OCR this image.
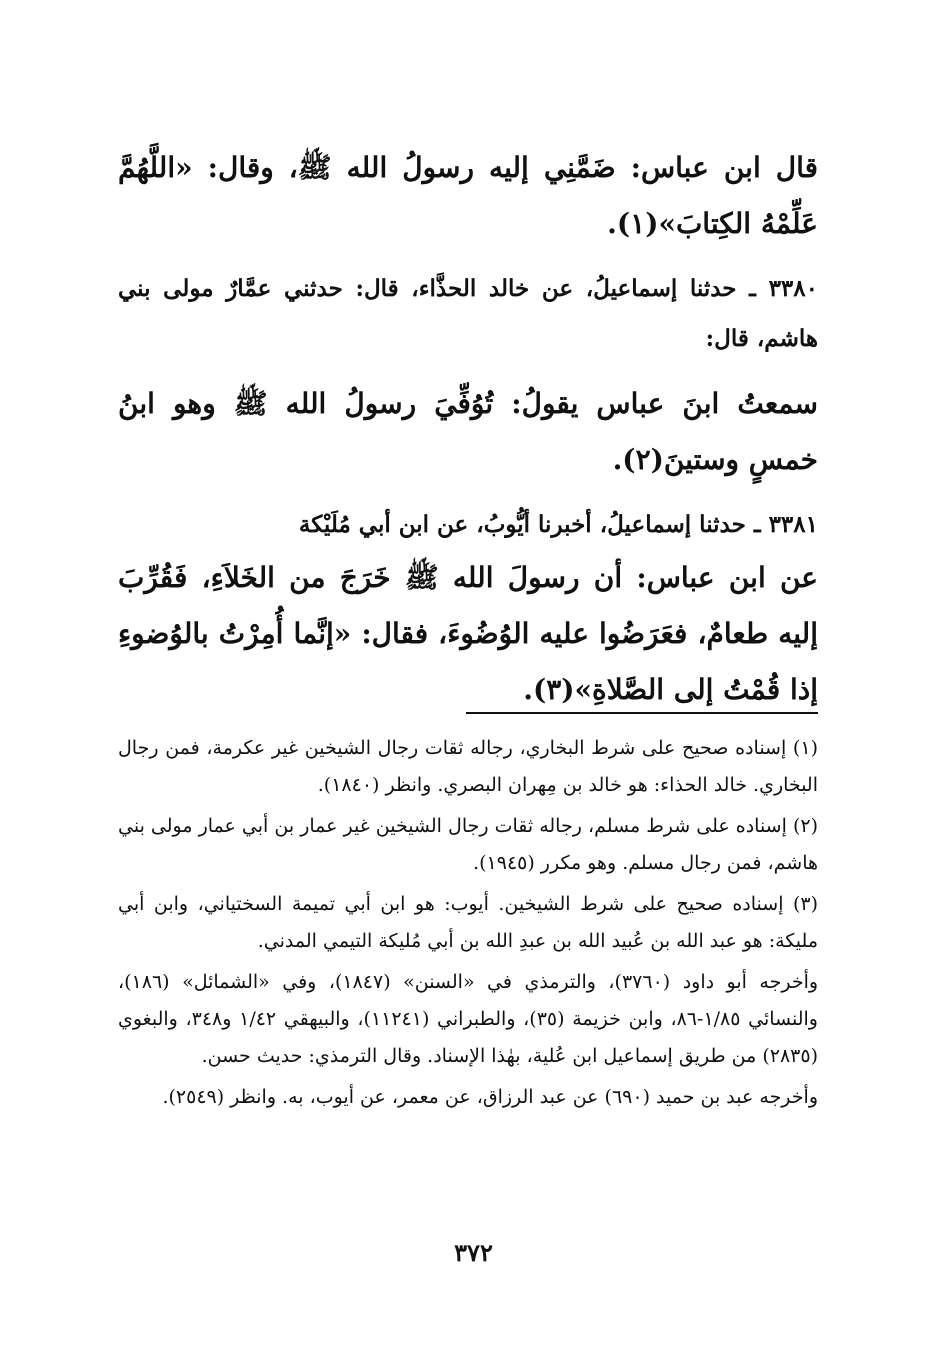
قال ابن عباس: ضَمَّنِي إليه رسولُ الله ﷺ، وقال: «اللَّهُمَّ عَلِّمْهُ الكِتابَ»(١).

٣٣٨٠ ـ حدثنا إسماعيلُ، عن خالد الحذَّاء، قال: حدثني عمَّارٌ مولى بني هاشم، قال:

سمعتُ ابنَ عباس يقولُ: تُوُفِّيَ رسولُ الله ﷺ وهو ابنُ خمسٍ وستينَ(٢).

٣٣٨١ ـ حدثنا إسماعيلُ، أخبرنا أيُّوبُ، عن ابن أبي مُلَيْكة

عن ابن عباس: أن رسولَ الله ﷺ خَرَجَ من الخَلاَءِ، فَقُرِّبَ إليه طعامٌ، فعَرَضُوا عليه الوُضُوءَ، فقال: «إنَّما أُمِرْتُ بالوُضوءِ إذا قُمْتُ إلى الصَّلاةِ»(٣).

(١) إسناده صحيح على شرط البخاري، رجاله ثقات رجال الشيخين غير عكرمة، فمن رجال البخاري. خالد الحذاء: هو خالد بن مِهران البصري. وانظر (١٨٤٠).

(٢) إسناده على شرط مسلم، رجاله ثقات رجال الشيخين غير عمار بن أبي عمار مولى بني هاشم، فمن رجال مسلم. وهو مكرر (١٩٤٥).

(٣) إسناده صحيح على شرط الشيخين. أيوب: هو ابن أبي تميمة السختياني، وابن أبي مليكة: هو عبد الله بن عُبيد الله بن عبدِ الله بن أبي مُليكة التيمي المدني.

وأخرجه أبو داود (٣٧٦٠)، والترمذي في «السنن» (١٨٤٧)، وفي «الشمائل» (١٨٦)، والنسائي ١/٨٥-٨٦، وابن خزيمة (٣٥)، والطبراني (١١٢٤١)، والبيهقي ١/٤٢ و٣٤٨، والبغوي (٢٨٣٥) من طريق إسماعيل ابن عُلية، بهٰذا الإسناد. وقال الترمذي: حديث حسن.

وأخرجه عبد بن حميد (٦٩٠) عن عبد الرزاق، عن معمر، عن أيوب، به. وانظر (٢٥٤٩).

٣٧٢
